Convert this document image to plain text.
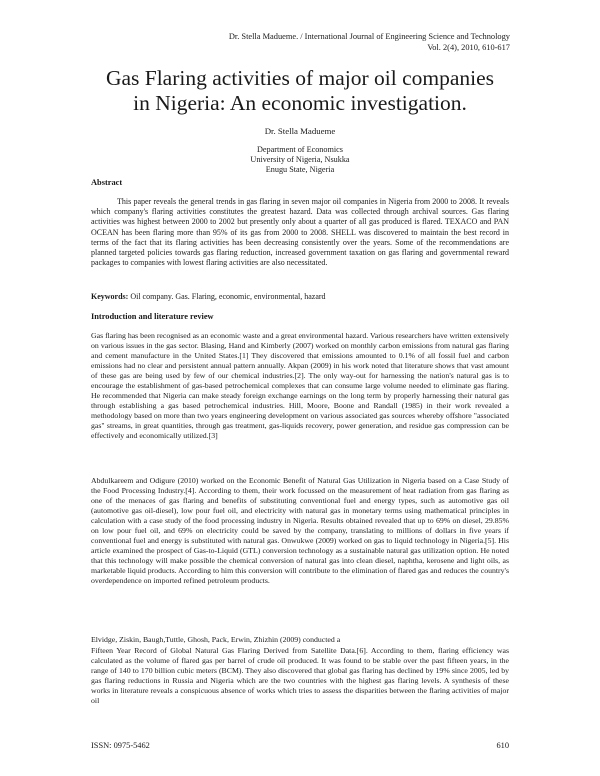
Dr. Stella Madueme. / International Journal of Engineering Science and Technology
Vol. 2(4), 2010, 610-617
Gas Flaring activities of major oil companies
in Nigeria: An economic investigation.
Dr. Stella Madueme
Department of Economics
University of Nigeria, Nsukka
Enugu State, Nigeria
Abstract

This paper reveals the general trends in gas flaring in seven major oil companies in Nigeria from 2000 to 2008. It reveals which company's flaring activities constitutes the greatest hazard. Data was collected through archival sources. Gas flaring activities was highest between 2000 to 2002 but presently only about a quarter of all gas produced is flared. TEXACO and PAN OCEAN has been flaring more than 95% of its gas from 2000 to 2008. SHELL was discovered to maintain the best record in terms of the fact that its flaring activities has been decreasing consistently over the years. Some of the recommendations are planned targeted policies towards gas flaring reduction, increased government taxation on gas flaring and governmental reward packages to companies with lowest flaring activities are also necessitated.

Keywords: Oil company. Gas. Flaring, economic, environmental, hazard
Introduction and literature review

Gas flaring has been recognised as an economic waste and a great environmental hazard. Various researchers have written extensively on various issues in the gas sector. Blasing, Hand and Kimberly (2007) worked on monthly carbon emissions from natural gas flaring and cement manufacture in the United States.[1] They discovered that emissions amounted to 0.1% of all fossil fuel and carbon emissions had no clear and persistent annual pattern annually. Akpan (2009) in his work noted that literature shows that vast amount of these gas are being used by few of our chemical industries.[2]. The only way-out for harnessing the nation's natural gas is to encourage the establishment of gas-based petrochemical complexes that can consume large volume needed to eliminate gas flaring. He recommended that Nigeria can make steady foreign exchange earnings on the long term by properly harnessing their natural gas through establishing a gas based petrochemical industries. Hill, Moore, Boone and Randall (1985) in their work revealed a methodology based on more than two years engineering development on various associated gas sources whereby offshore "associated gas" streams, in great quantities, through gas treatment, gas-liquids recovery, power generation, and residue gas compression can be effectively and economically utilized.[3]

Abdulkareem and Odigure (2010) worked on the Economic Benefit of Natural Gas Utilization in Nigeria based on a Case Study of the Food Processing Industry.[4]. According to them, their work focussed on the measurement of heat radiation from gas flaring as one of the menaces of gas flaring and benefits of substituting conventional fuel and energy types, such as automotive gas oil (automotive gas oil-diesel), low pour fuel oil, and electricity with natural gas in monetary terms using mathematical principles in calculation with a case study of the food processing industry in Nigeria. Results obtained revealed that up to 69% on diesel, 29.85% on low pour fuel oil, and 69% on electricity could be saved by the company, translating to millions of dollars in five years if conventional fuel and energy is substituted with natural gas. Onwukwe (2009) worked on gas to liquid technology in Nigeria.[5]. His article examined the prospect of Gas-to-Liquid (GTL) conversion technology as a sustainable natural gas utilization option. He noted that this technology will make possible the chemical conversion of natural gas into clean diesel, naphtha, kerosene and light oils, as marketable liquid products. According to him this conversion will contribute to the elimination of flared gas and reduces the country's overdependence on imported refined petroleum products.

Elvidge, Ziskin, Baugh,Tuttle, Ghosh, Pack, Erwin, Zhizhin (2009) conducted a

Fifteen Year Record of Global Natural Gas Flaring Derived from Satellite Data.[6]. According to them, flaring efficiency was calculated as the volume of flared gas per barrel of crude oil produced. It was found to be stable over the past fifteen years, in the range of 140 to 170 billion cubic meters (BCM). They also discovered that global gas flaring has declined by 19% since 2005, led by gas flaring reductions in Russia and Nigeria which are the two countries with the highest gas flaring levels. A synthesis of these works in literature reveals a conspicuous absence of works which tries to assess the disparities between the flaring activities of major oil

ISSN: 0975-5462	610
